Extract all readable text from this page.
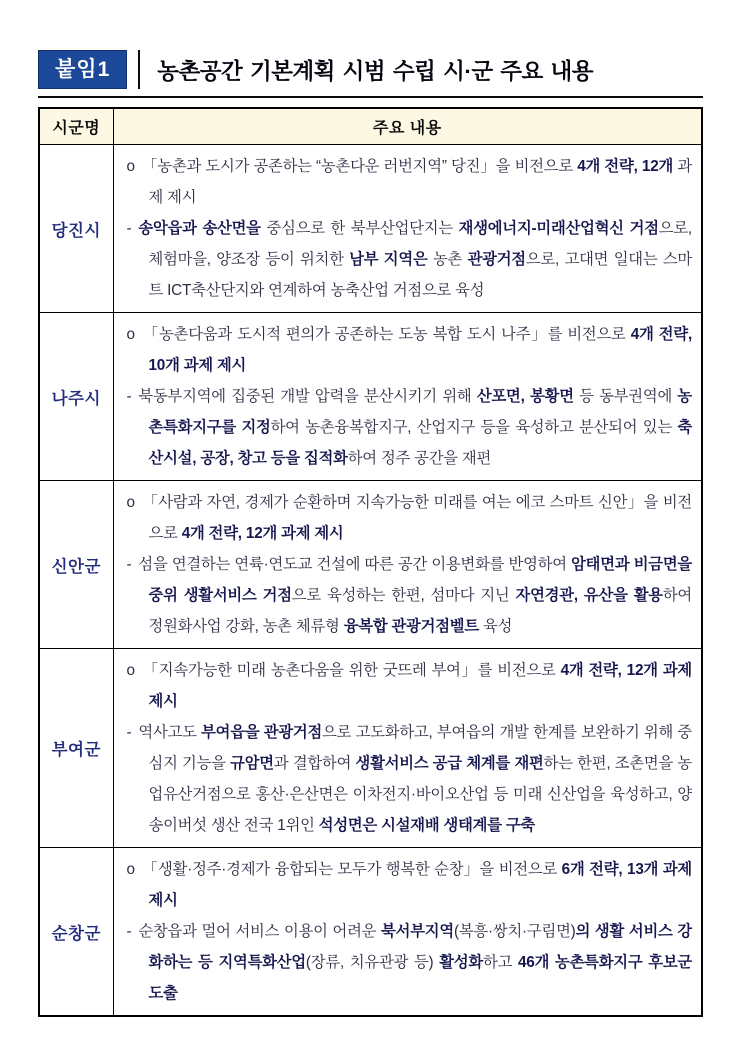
붙임1	농촌공간 기본계획 시범 수립 시·군 주요 내용
시군명	주요 내용
당진시	o 「농촌과 도시가 공존하는 “농촌다운 러번지역” 당진」을 비전으로 4개 전략, 12개 과제 제시

- 송악읍과 송산면을 중심으로 한 북부산업단지는 재생에너지-미래산업혁신 거점으로, 체험마을, 양조장 등이 위치한 남부 지역은 농촌 관광거점으로, 고대면 일대는 스마트 ICT축산단지와 연계하여 농축산업 거점으로 육성

나주시	o 「농촌다움과 도시적 편의가 공존하는 도농 복합 도시 나주」를 비전으로 4개 전략, 10개 과제 제시

- 북동부지역에 집중된 개발 압력을 분산시키기 위해 산포면, 봉황면 등 동부권역에 농촌특화지구를 지정하여 농촌융복합지구, 산업지구 등을 육성하고 분산되어 있는 축산시설, 공장, 창고 등을 집적화하여 정주 공간을 재편

신안군	o 「사람과 자연, 경제가 순환하며 지속가능한 미래를 여는 에코 스마트 신안」을 비전으로 4개 전략, 12개 과제 제시

- 섬을 연결하는 연륙·연도교 건설에 따른 공간 이용변화를 반영하여 암태면과 비금면을 중위 생활서비스 거점으로 육성하는 한편, 섬마다 지닌 자연경관, 유산을 활용하여 정원화사업 강화, 농촌 체류형 융복합 관광거점벨트 육성

부여군	o 「지속가능한 미래 농촌다움을 위한 굿뜨레 부여」를 비전으로 4개 전략, 12개 과제 제시

- 역사고도 부여읍을 관광거점으로 고도화하고, 부여읍의 개발 한계를 보완하기 위해 중심지 기능을 규암면과 결합하여 생활서비스 공급 체계를 재편하는 한편, 조촌면을 농업유산거점으로 홍산·은산면은 이차전지·바이오산업 등 미래 신산업을 육성하고, 양송이버섯 생산 전국 1위인 석성면은 시설재배 생태계를 구축

순창군	o 「생활·정주·경제가 융합되는 모두가 행복한 순창」을 비전으로 6개 전략, 13개 과제 제시

- 순창읍과 멀어 서비스 이용이 어려운 북서부지역(복흥·쌍치·구림면)의 생활 서비스 강화하는 등 지역특화산업(장류, 치유관광 등) 활성화하고 46개 농촌특화지구 후보군 도출
